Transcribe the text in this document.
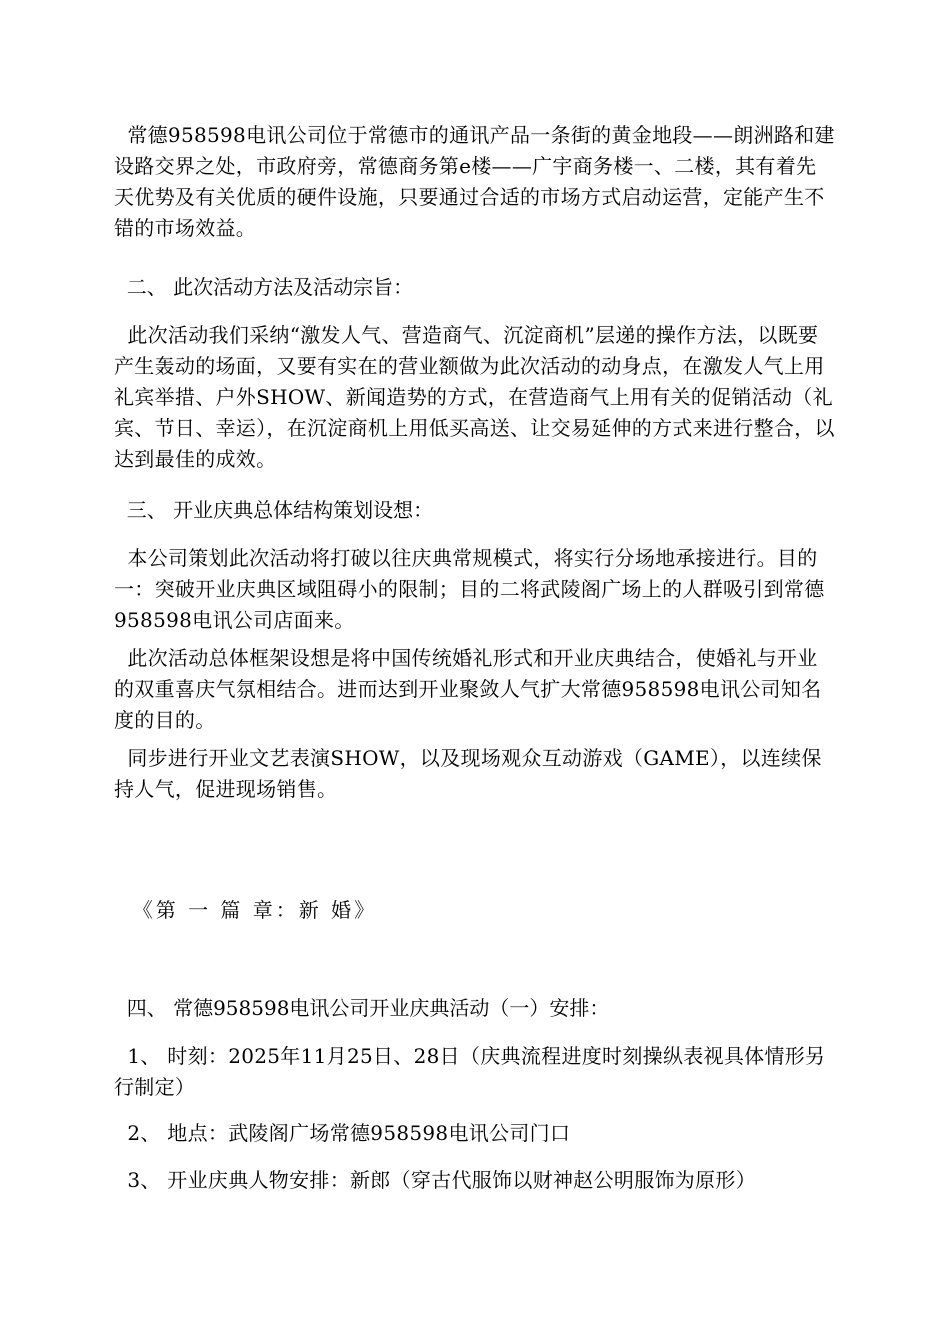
常德958598电讯公司位于常德市的通讯产品一条街的黄金地段——朗洲路和建设路交界之处，市政府旁，常德商务第e楼——广宇商务楼一、二楼，其有着先天优势及有关优质的硬件设施，只要通过合适的市场方式启动运营，定能产生不错的市场效益。

二、 此次活动方法及活动宗旨：

此次活动我们采纳“激发人气、营造商气、沉淀商机”层递的操作方法，以既要产生轰动的场面，又要有实在的营业额做为此次活动的动身点，在激发人气上用礼宾举措、户外SHOW、新闻造势的方式，在营造商气上用有关的促销活动（礼宾、节日、幸运），在沉淀商机上用低买高送、让交易延伸的方式来进行整合，以达到最佳的成效。

三、 开业庆典总体结构策划设想：

本公司策划此次活动将打破以往庆典常规模式，将实行分场地承接进行。目的一：突破开业庆典区域阻碍小的限制；目的二将武陵阁广场上的人群吸引到常德958598电讯公司店面来。

此次活动总体框架设想是将中国传统婚礼形式和开业庆典结合，使婚礼与开业的双重喜庆气氛相结合。进而达到开业聚敛人气扩大常德958598电讯公司知名度的目的。

同步进行开业文艺表演SHOW，以及现场观众互动游戏（GAME），以连续保持人气，促进现场销售。

《第 一 篇 章：新 婚》

四、 常德958598电讯公司开业庆典活动（一）安排：

1、 时刻：2025年11月25日、28日（庆典流程进度时刻操纵表视具体情形另行制定）

2、 地点：武陵阁广场常德958598电讯公司门口

3、 开业庆典人物安排：新郎（穿古代服饰以财神赵公明服饰为原形）
